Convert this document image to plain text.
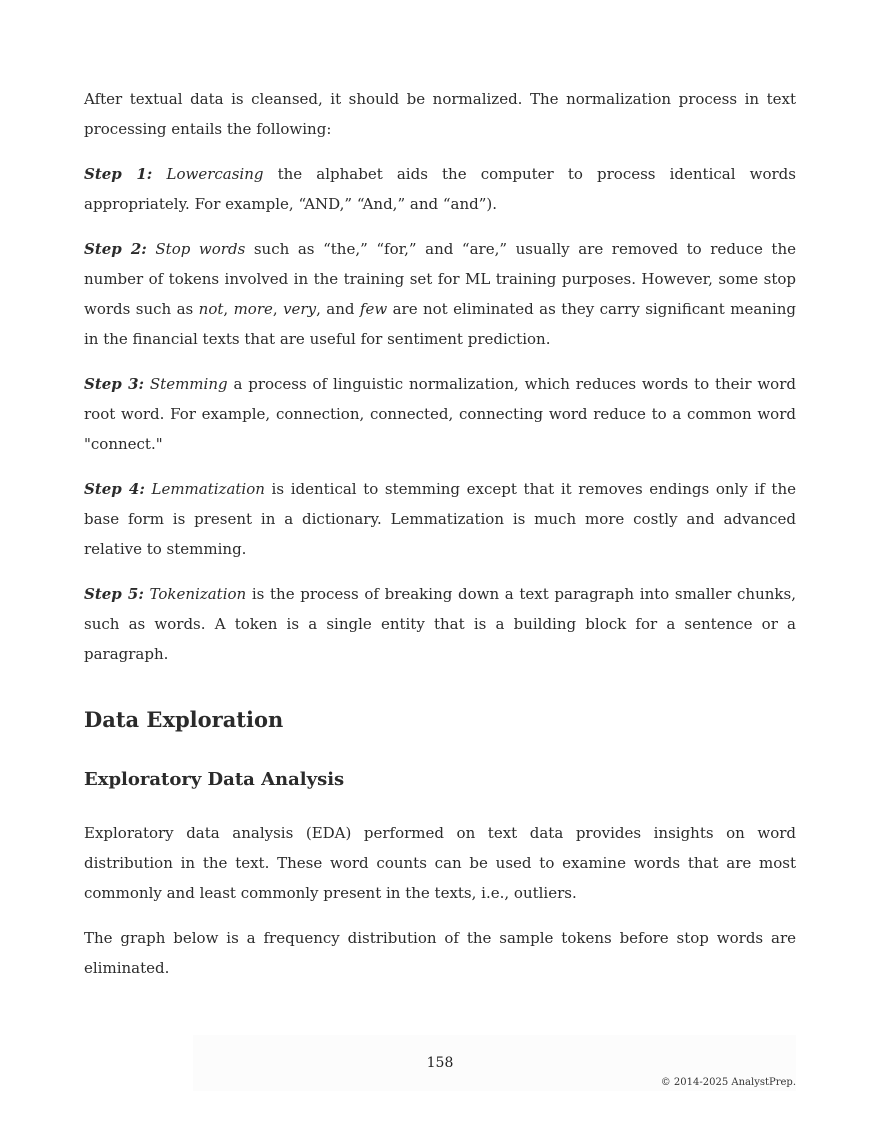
After textual data is cleansed, it should be normalized. The normalization process in text processing entails the following:

Step 1: Lowercasing the alphabet aids the computer to process identical words appropriately. For example, “AND,” “And,” and “and”).

Step 2: Stop words such as “the,” “for,” and “are,” usually are removed to reduce the number of tokens involved in the training set for ML training purposes. However, some stop words such as not, more, very, and few are not eliminated as they carry significant meaning in the financial texts that are useful for sentiment prediction.

Step 3: Stemming a process of linguistic normalization, which reduces words to their word root word. For example, connection, connected, connecting word reduce to a common word "connect."

Step 4: Lemmatization is identical to stemming except that it removes endings only if the base form is present in a dictionary. Lemmatization is much more costly and advanced relative to stemming.

Step 5: Tokenization is the process of breaking down a text paragraph into smaller chunks, such as words. A token is a single entity that is a building block for a sentence or a paragraph.

Data Exploration
Exploratory Data Analysis

Exploratory data analysis (EDA) performed on text data provides insights on word distribution in the text. These word counts can be used to examine words that are most commonly and least commonly present in the texts, i.e., outliers.

The graph below is a frequency distribution of the sample tokens before stop words are eliminated.

158
© 2014-2025 AnalystPrep.
